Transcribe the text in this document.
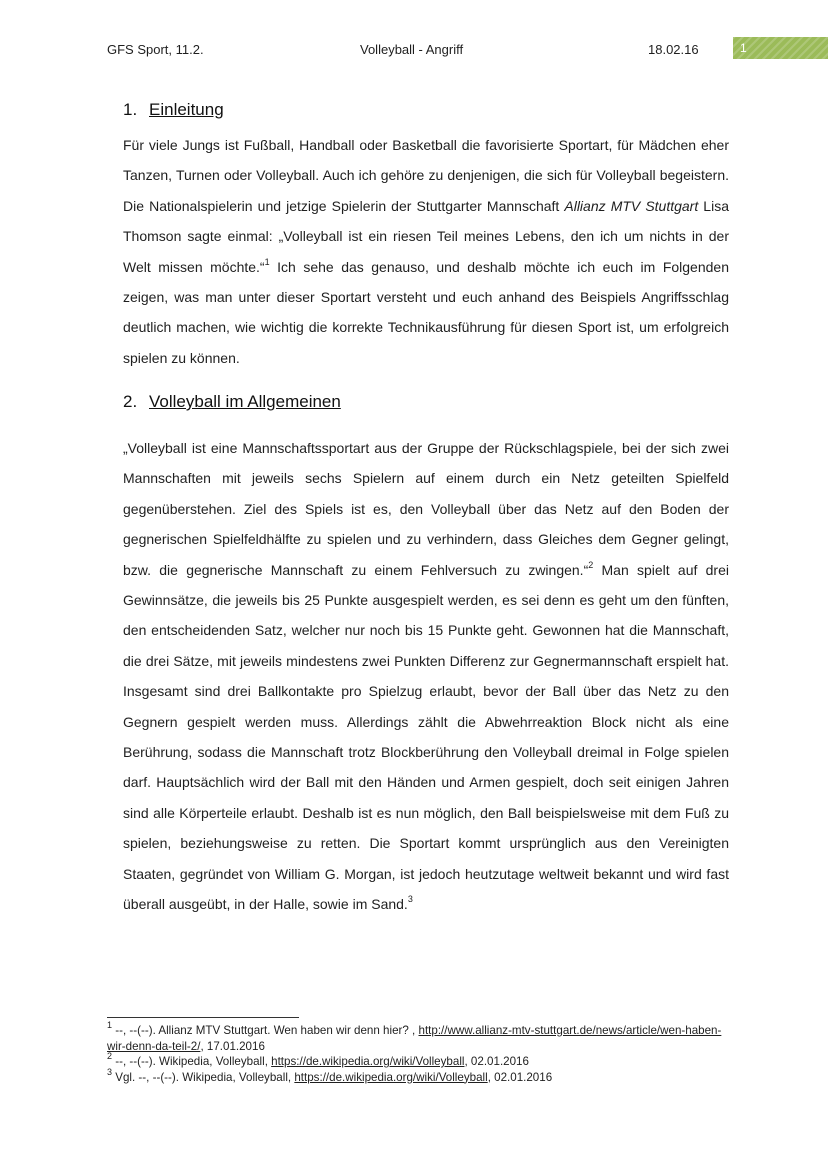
GFS Sport, 11.2.	Volleyball - Angriff	18.02.16	1
1. Einleitung

Für viele Jungs ist Fußball, Handball oder Basketball die favorisierte Sportart, für Mädchen eher Tanzen, Turnen oder Volleyball. Auch ich gehöre zu denjenigen, die sich für Volleyball begeistern. Die Nationalspielerin und jetzige Spielerin der Stuttgarter Mannschaft Allianz MTV Stuttgart Lisa Thomson sagte einmal: „Volleyball ist ein riesen Teil meines Lebens, den ich um nichts in der Welt missen möchte.“$^1$ Ich sehe das genauso, und deshalb möchte ich euch im Folgenden zeigen, was man unter dieser Sportart versteht und euch anhand des Beispiels Angriffsschlag deutlich machen, wie wichtig die korrekte Technikausführung für diesen Sport ist, um erfolgreich spielen zu können.

2. Volleyball im Allgemeinen

„Volleyball ist eine Mannschaftssportart aus der Gruppe der Rückschlagspiele, bei der sich zwei Mannschaften mit jeweils sechs Spielern auf einem durch ein Netz geteilten Spielfeld gegenüberstehen. Ziel des Spiels ist es, den Volleyball über das Netz auf den Boden der gegnerischen Spielfeldhälfte zu spielen und zu verhindern, dass Gleiches dem Gegner gelingt, bzw. die gegnerische Mannschaft zu einem Fehlversuch zu zwingen.“$^2$ Man spielt auf drei Gewinnsätze, die jeweils bis 25 Punkte ausgespielt werden, es sei denn es geht um den fünften, den entscheidenden Satz, welcher nur noch bis 15 Punkte geht. Gewonnen hat die Mannschaft, die drei Sätze, mit jeweils mindestens zwei Punkten Differenz zur Gegnermannschaft erspielt hat. Insgesamt sind drei Ballkontakte pro Spielzug erlaubt, bevor der Ball über das Netz zu den Gegnern gespielt werden muss. Allerdings zählt die Abwehrreaktion Block nicht als eine Berührung, sodass die Mannschaft trotz Blockberührung den Volleyball dreimal in Folge spielen darf. Hauptsächlich wird der Ball mit den Händen und Armen gespielt, doch seit einigen Jahren sind alle Körperteile erlaubt. Deshalb ist es nun möglich, den Ball beispielsweise mit dem Fuß zu spielen, beziehungsweise zu retten. Die Sportart kommt ursprünglich aus den Vereinigten Staaten, gegründet von William G. Morgan, ist jedoch heutzutage weltweit bekannt und wird fast überall ausgeübt, in der Halle, sowie im Sand.$^3$

$^1$ --, --(--). Allianz MTV Stuttgart. Wen haben wir denn hier? , http://www.allianz-mtv-stuttgart.de/news/article/wen-haben-wir-denn-da-teil-2/, 17.01.2016

$^2$ --, --(--). Wikipedia, Volleyball, https://de.wikipedia.org/wiki/Volleyball, 02.01.2016

$^3$ Vgl. --, --(--). Wikipedia, Volleyball, https://de.wikipedia.org/wiki/Volleyball, 02.01.2016
